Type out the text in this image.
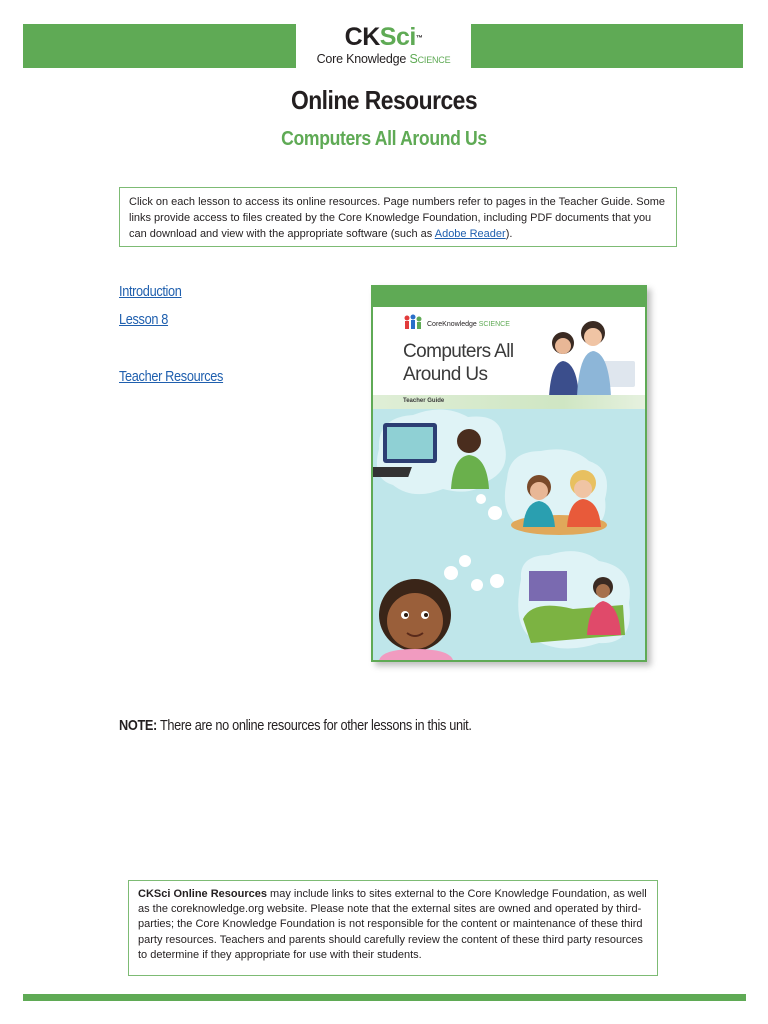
CKSci™
Core Knowledge Science
Online Resources
Computers All Around Us
Click on each lesson to access its online resources. Page numbers refer to pages in the Teacher Guide. Some links provide access to files created by the Core Knowledge Foundation, including PDF documents that you can download and view with the appropriate software (such as Adobe Reader).
Introduction
Lesson 8
Teacher Resources
CoreKnowledge SCIENCE
Computers All Around Us
Teacher Guide
NOTE: There are no online resources for other lessons in this unit.
CKSci Online Resources may include links to sites external to the Core Knowledge Foundation, as well as the coreknowledge.org website. Please note that the external sites are owned and operated by third-parties; the Core Knowledge Foundation is not responsible for the content or maintenance of these third party resources. Teachers and parents should carefully review the content of these third party resources to determine if they appropriate for use with their students.
